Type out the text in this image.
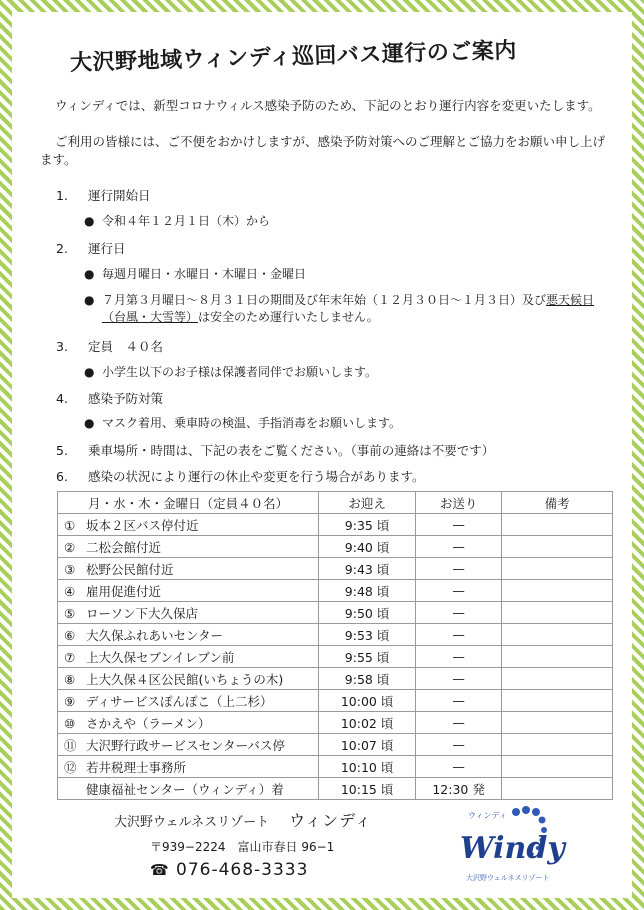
大沢野地域ウィンディ巡回バス運行のご案内

ウィンディでは、新型コロナウィルス感染予防のため、下記のとおり運行内容を変更いたします。

ご利用の皆様には、ご不便をおかけしますが、感染予防対策へのご理解とご協力をお願い申し上げます。

1. 運行開始日
● 令和４年１２月１日（木）から
2. 運行日
● 毎週月曜日・水曜日・木曜日・金曜日
● ７月第３月曜日～８月３１日の期間及び年末年始（１２月３０日～１月３日）及び悪天候日（台風・大雪等）は安全のため運行いたしません。
3. 定員　４０名
● 小学生以下のお子様は保護者同伴でお願いします。
4. 感染予防対策
● マスク着用、乗車時の検温、手指消毒をお願いします。
5. 乗車場所・時間は、下記の表をご覧ください。（事前の連絡は不要です）
6. 感染の状況により運行の休止や変更を行う場合があります。
月・水・木・金曜日（定員４０名）	お迎え	お送り	備考
① 坂本２区バス停付近	9:35 頃	—	
② 二松会館付近	9:40 頃	—	
③ 松野公民館付近	9:43 頃	—	
④ 雇用促進付近	9:48 頃	—	
⑤ ローソン下大久保店	9:50 頃	—	
⑥ 大久保ふれあいセンター	9:53 頃	—	
⑦ 上大久保セブンイレブン前	9:55 頃	—	
⑧ 上大久保４区公民館(いちょうの木)	9:58 頃	—	
⑨ ディサービスぽんぽこ（上二杉）	10:00 頃	—	
⑩ さかえや（ラーメン）	10:02 頃	—	
⑪ 大沢野行政サービスセンターバス停	10:07 頃	—	
⑫ 若井税理士事務所	10:10 頃	—	
健康福祉センター（ウィンディ）着	10:15 頃	12:30 発	
大沢野ウェルネスリゾート ウィンディ
〒939−2224　富山市春日 96−1
☎ 076-468-3333
ウィンディ
Windy
大沢野ウェルネスリゾート
